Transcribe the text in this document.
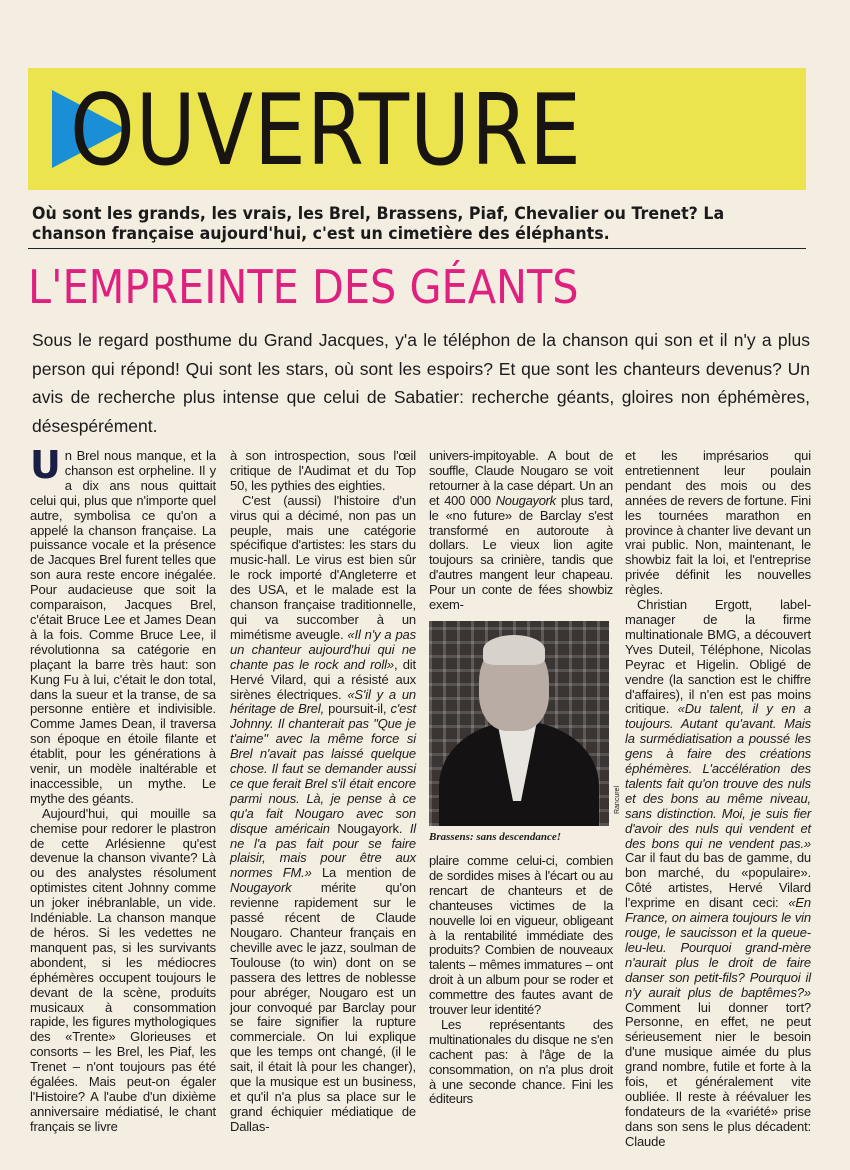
OUVERTURE
Où sont les grands, les vrais, les Brel, Brassens, Piaf, Chevalier ou Trenet? La chanson française aujourd'hui, c'est un cimetière des éléphants.
L'EMPREINTE DES GÉANTS
Sous le regard posthume du Grand Jacques, y'a le téléphon de la chanson qui son et il n'y a plus person qui répond! Qui sont les stars, où sont les espoirs? Et que sont les chanteurs devenus? Un avis de recherche plus intense que celui de Sabatier: recherche géants, gloires non éphémères, désespérément.

Un Brel nous manque, et la chanson est orpheline. Il y a dix ans nous quittait celui qui, plus que n'importe quel autre, symbolisa ce qu'on a appelé la chanson française. La puissance vocale et la présence de Jacques Brel furent telles que son aura reste encore inégalée. Pour audacieuse que soit la comparaison, Jacques Brel, c'était Bruce Lee et James Dean à la fois. Comme Bruce Lee, il révolutionna sa catégorie en plaçant la barre très haut: son Kung Fu à lui, c'était le don total, dans la sueur et la transe, de sa personne entière et indivisible. Comme James Dean, il traversa son époque en étoile filante et établit, pour les générations à venir, un modèle inaltérable et inaccessible, un mythe. Le mythe des géants.

Aujourd'hui, qui mouille sa chemise pour redorer le plastron de cette Arlésienne qu'est devenue la chanson vivante? Là ou des analystes résolument optimistes citent Johnny comme un joker inébranlable, un vide. Indéniable. La chanson manque de héros. Si les vedettes ne manquent pas, si les survivants abondent, si les médiocres éphémères occupent toujours le devant de la scène, produits musicaux à consommation rapide, les figures mythologiques des «Trente» Glorieuses et consorts – les Brel, les Piaf, les Trenet – n'ont toujours pas été égalées. Mais peut-on égaler l'Histoire? A l'aube d'un dixième anniversaire médiatisé, le chant français se livre

à son introspection, sous l'œil critique de l'Audimat et du Top 50, les pythies des eighties.

C'est (aussi) l'histoire d'un virus qui a décimé, non pas un peuple, mais une catégorie spécifique d'artistes: les stars du music-hall. Le virus est bien sûr le rock importé d'Angleterre et des USA, et le malade est la chanson française traditionnelle, qui va succomber à un mimétisme aveugle. «Il n'y a pas un chanteur aujourd'hui qui ne chante pas le rock and roll», dit Hervé Vilard, qui a résisté aux sirènes électriques. «S'il y a un héritage de Brel, poursuit-il, c'est Johnny. Il chanterait pas "Que je t'aime" avec la même force si Brel n'avait pas laissé quelque chose. Il faut se demander aussi ce que ferait Brel s'il était encore parmi nous. Là, je pense à ce qu'a fait Nougaro avec son disque américain Nougayork. Il ne l'a pas fait pour se faire plaisir, mais pour être aux normes FM.» La mention de Nougayork mérite qu'on revienne rapidement sur le passé récent de Claude Nougaro. Chanteur français en cheville avec le jazz, soulman de Toulouse (to win) dont on se passera des lettres de noblesse pour abréger, Nougaro est un jour convoqué par Barclay pour se faire signifier la rupture commerciale. On lui explique que les temps ont changé, (il le sait, il était là pour les changer), que la musique est un business, et qu'il n'a plus sa place sur le grand échiquier médiatique de Dallas-

univers-impitoyable. A bout de souffle, Claude Nougaro se voit retourner à la case départ. Un an et 400 000 Nougayork plus tard, le «no future» de Barclay s'est transformé en autoroute à dollars. Le vieux lion agite toujours sa crinière, tandis que d'autres mangent leur chapeau. Pour un conte de fées showbiz exem-

Rancurel
Brassens: sans descendance!

plaire comme celui-ci, combien de sordides mises à l'écart ou au rencart de chanteurs et de chanteuses victimes de la nouvelle loi en vigueur, obligeant à la rentabilité immédiate des produits? Combien de nouveaux talents – mêmes immatures – ont droit à un album pour se roder et commettre des fautes avant de trouver leur identité?

Les représentants des multinationales du disque ne s'en cachent pas: à l'âge de la consommation, on n'a plus droit à une seconde chance. Fini les éditeurs

et les imprésarios qui entretiennent leur poulain pendant des mois ou des années de revers de fortune. Fini les tournées marathon en province à chanter live devant un vrai public. Non, maintenant, le showbiz fait la loi, et l'entreprise privée définit les nouvelles règles.

Christian Ergott, label-manager de la firme multinationale BMG, a découvert Yves Duteil, Téléphone, Nicolas Peyrac et Higelin. Obligé de vendre (la sanction est le chiffre d'affaires), il n'en est pas moins critique. «Du talent, il y en a toujours. Autant qu'avant. Mais la surmédiatisation a poussé les gens à faire des créations éphémères. L'accélération des talents fait qu'on trouve des nuls et des bons au même niveau, sans distinction. Moi, je suis fier d'avoir des nuls qui vendent et des bons qui ne vendent pas.» Car il faut du bas de gamme, du bon marché, du «populaire». Côté artistes, Hervé Vilard l'exprime en disant ceci: «En France, on aimera toujours le vin rouge, le saucisson et la queue-leu-leu. Pourquoi grand-mère n'aurait plus le droit de faire danser son petit-fils? Pourquoi il n'y aurait plus de baptêmes?» Comment lui donner tort? Personne, en effet, ne peut sérieusement nier le besoin d'une musique aimée du plus grand nombre, futile et forte à la fois, et généralement vite oubliée. Il reste à réévaluer les fondateurs de la «variété» prise dans son sens le plus décadent: Claude
